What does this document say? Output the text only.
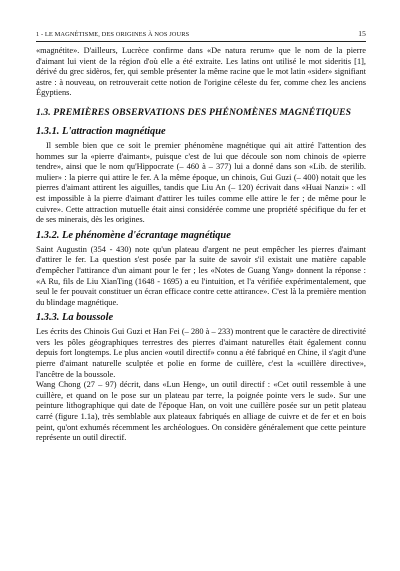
1 - LE MAGNÉTISME, DES ORIGINES À NOS JOURS	15

«magnétite». D'ailleurs, Lucrèce confirme dans «De natura rerum» que le nom de la pierre d'aimant lui vient de la région d'où elle a été extraite. Les latins ont utilisé le mot sideritis [1], dérivé du grec sidèros, fer, qui semble présenter la même racine que le mot latin «sider» signifiant astre : à nouveau, on retrouverait cette notion de l'origine céleste du fer, comme chez les anciens Égyptiens.

1.3. PREMIÈRES OBSERVATIONS DES PHÉNOMÈNES MAGNÉTIQUES
1.3.1. L'attraction magnétique

Il semble bien que ce soit le premier phénomène magnétique qui ait attiré l'attention des hommes sur la «pierre d'aimant», puisque c'est de lui que découle son nom chinois de «pierre tendre», ainsi que le nom qu'Hippocrate (– 460 à – 377) lui a donné dans son «Lib. de sterilib. mulier» : la pierre qui attire le fer. A la même époque, un chinois, Gui Guzi (– 400) notait que les pierres d'aimant attirent les aiguilles, tandis que Liu An (– 120) écrivait dans «Huai Nanzi» : «Il est impossible à la pierre d'aimant d'attirer les tuiles comme elle attire le fer ; de même pour le cuivre». Cette attraction mutuelle était ainsi considérée comme une propriété spécifique du fer et de ses minerais, dès les origines.

1.3.2. Le phénomène d'écrantage magnétique

Saint Augustin (354 - 430) note qu'un plateau d'argent ne peut empêcher les pierres d'aimant d'attirer le fer. La question s'est posée par la suite de savoir s'il existait une matière capable d'empêcher l'attirance d'un aimant pour le fer ; les «Notes de Guang Yang» donnent la réponse : «A Ru, fils de Liu XianTing (1648 - 1695) a eu l'intuition, et l'a vérifiée expérimentalement, que seul le fer pouvait constituer un écran efficace contre cette attirance». C'est là la première mention du blindage magnétique.

1.3.3. La boussole

Les écrits des Chinois Gui Guzi et Han Fei (– 280 à – 233) montrent que le caractère de directivité vers les pôles géographiques terrestres des pierres d'aimant naturelles était également connu depuis fort longtemps. Le plus ancien «outil directif» connu a été fabriqué en Chine, il s'agit d'une pierre d'aimant naturelle sculptée et polie en forme de cuillère, c'est la «cuillère directive», l'ancêtre de la boussole.

Wang Chong (27 – 97) décrit, dans «Lun Heng», un outil directif : «Cet outil ressemble à une cuillère, et quand on le pose sur un plateau par terre, la poignée pointe vers le sud». Sur une peinture lithographique qui date de l'époque Han, on voit une cuillère posée sur un petit plateau carré (figure 1.1a), très semblable aux plateaux fabriqués en alliage de cuivre et de fer et en bois peint, qu'ont exhumés récemment les archéologues. On considère généralement que cette peinture représente un outil directif.
